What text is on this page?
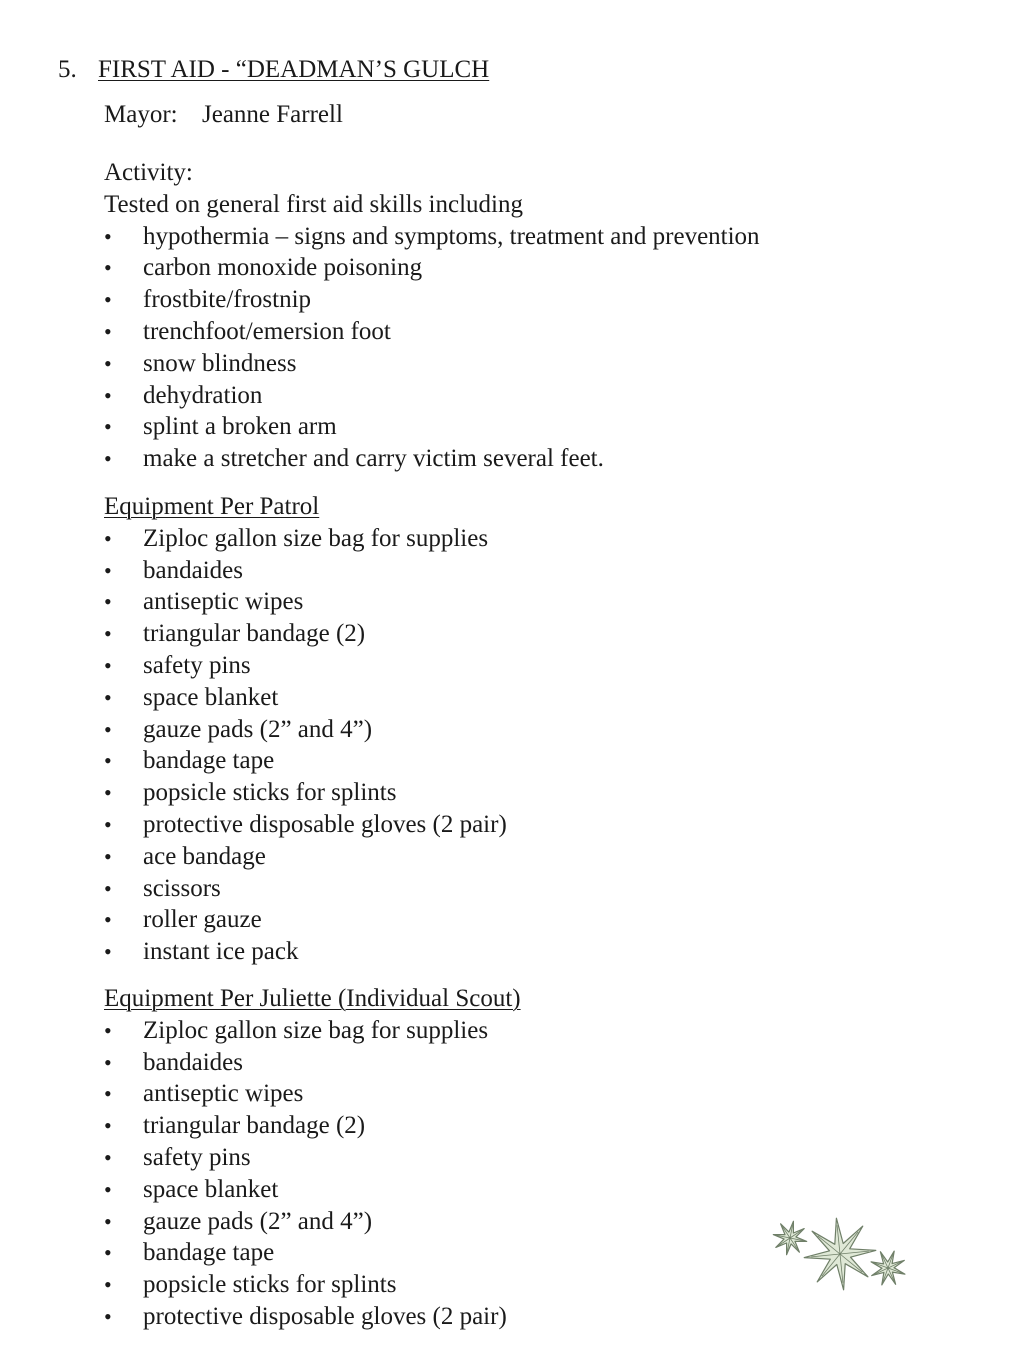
5. FIRST AID - “DEADMAN’S GULCH
Mayor: Jeanne Farrell
Activity:
Tested on general first aid skills including
• hypothermia – signs and symptoms, treatment and prevention
• carbon monoxide poisoning
• frostbite/frostnip
• trenchfoot/emersion foot
• snow blindness
• dehydration
• splint a broken arm
• make a stretcher and carry victim several feet.
Equipment Per Patrol
• Ziploc gallon size bag for supplies
• bandaides
• antiseptic wipes
• triangular bandage (2)
• safety pins
• space blanket
• gauze pads (2” and 4”)
• bandage tape
• popsicle sticks for splints
• protective disposable gloves (2 pair)
• ace bandage
• scissors
• roller gauze
• instant ice pack
Equipment Per Juliette (Individual Scout)
• Ziploc gallon size bag for supplies
• bandaides
• antiseptic wipes
• triangular bandage (2)
• safety pins
• space blanket
• gauze pads (2” and 4”)
• bandage tape
• popsicle sticks for splints
• protective disposable gloves (2 pair)
